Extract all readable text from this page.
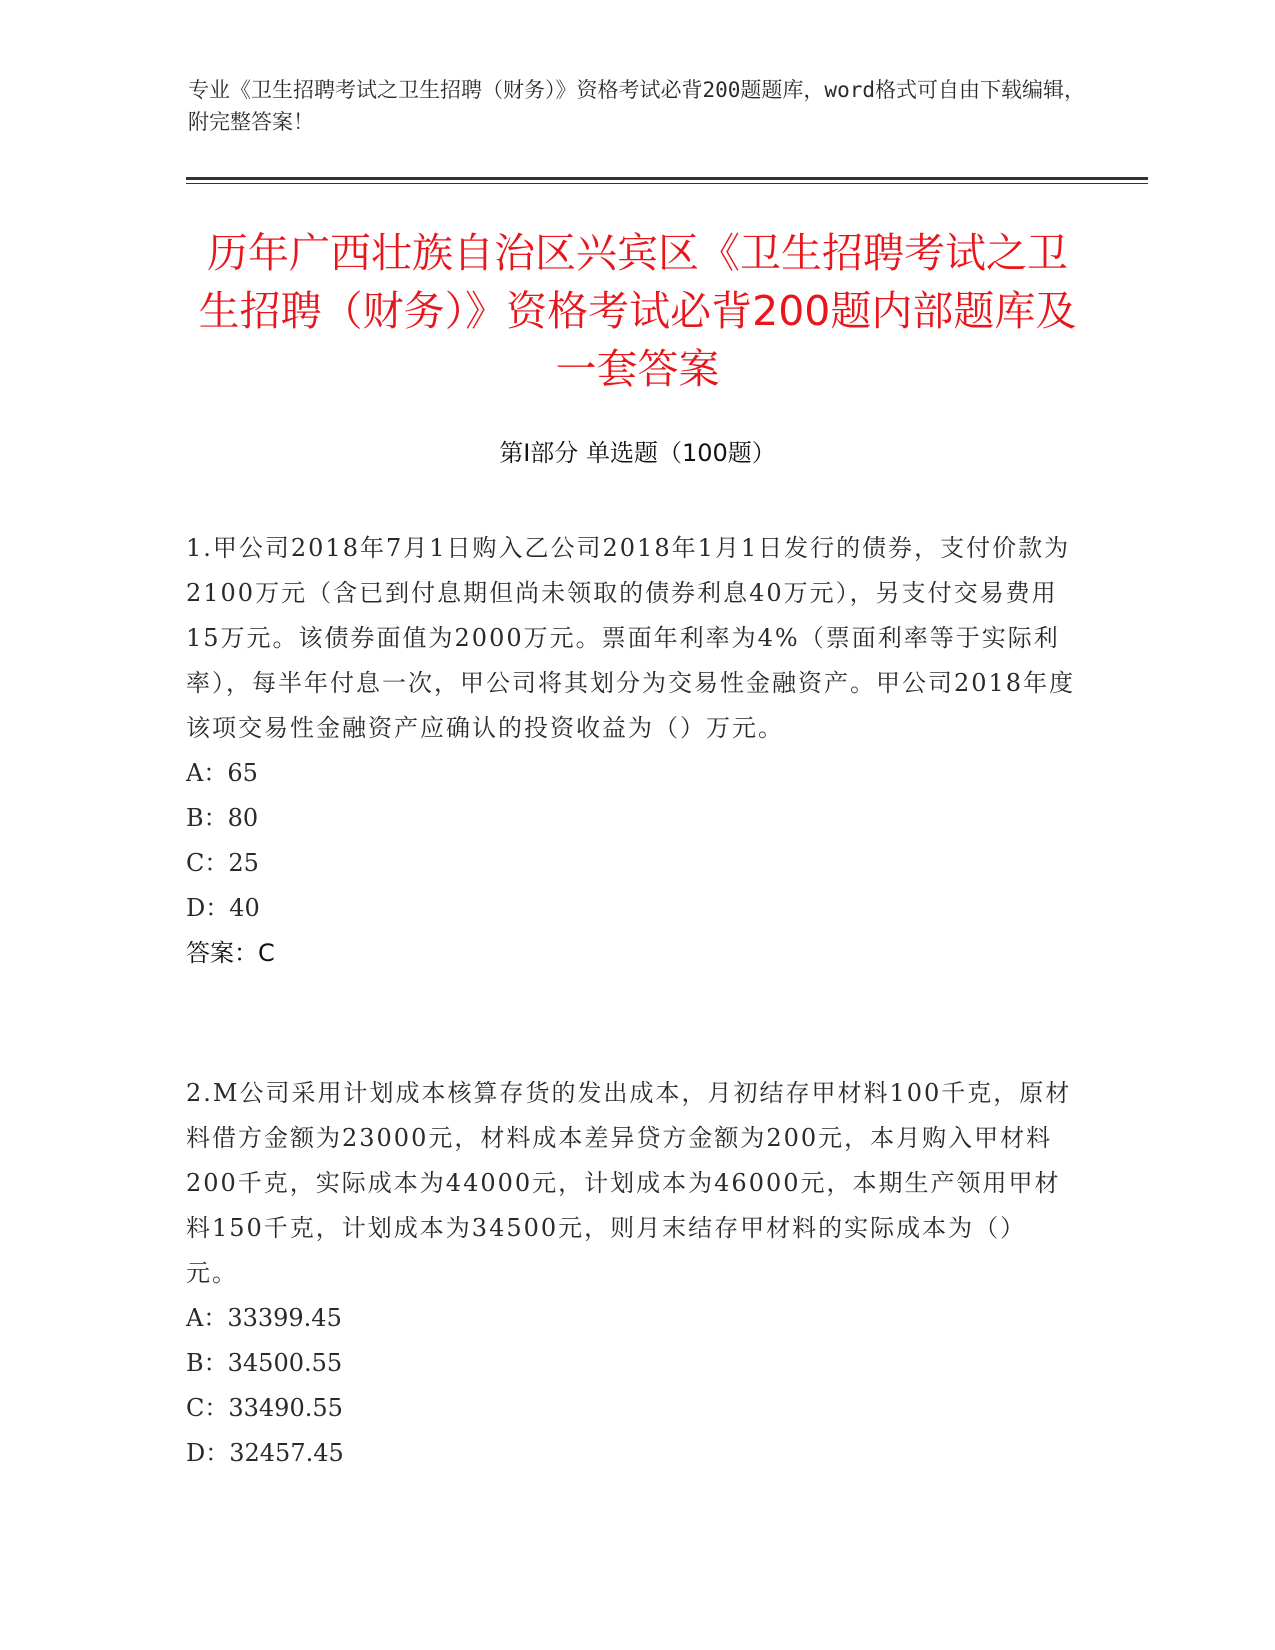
专业《卫生招聘考试之卫生招聘（财务）》资格考试必背200题题库，word格式可自由下载编辑，附完整答案！
历年广西壮族自治区兴宾区《卫生招聘考试之卫生招聘（财务）》资格考试必背200题内部题库及一套答案
第Ⅰ部分 单选题（100题）
1.甲公司2018年7月1日购入乙公司2018年1月1日发行的债券，支付价款为2100万元（含已到付息期但尚未领取的债券利息40万元），另支付交易费用15万元。该债券面值为2000万元。票面年利率为4%（票面利率等于实际利率），每半年付息一次，甲公司将其划分为交易性金融资产。甲公司2018年度该项交易性金融资产应确认的投资收益为（）万元。
A：65
B：80
C：25
D：40
答案：C
2.M公司采用计划成本核算存货的发出成本，月初结存甲材料100千克，原材料借方金额为23000元，材料成本差异贷方金额为200元，本月购入甲材料200千克，实际成本为44000元，计划成本为46000元，本期生产领用甲材料150千克，计划成本为34500元，则月末结存甲材料的实际成本为（）元。
A：33399.45
B：34500.55
C：33490.55
D：32457.45
